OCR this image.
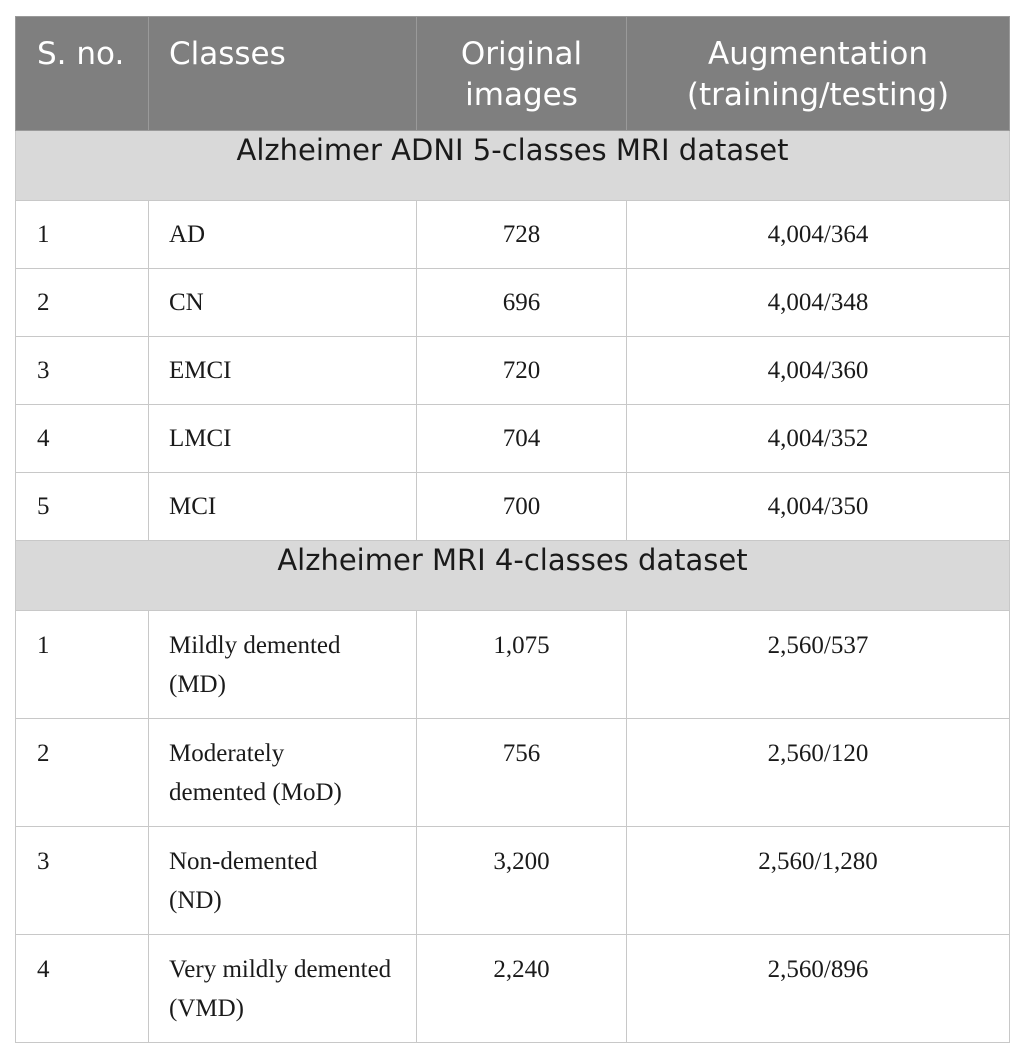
S. no.	Classes	Original images	Augmentation (training/testing)

Alzheimer ADNI 5-classes MRI dataset			

1	AD	728	4,004/364

2	CN	696	4,004/348

3	EMCI	720	4,004/360

4	LMCI	704	4,004/352

5	MCI	700	4,004/350

Alzheimer MRI 4-classes dataset			

1	Mildly demented (MD)	1,075	2,560/537

2	Moderately demented (MoD)	756	2,560/120

3	Non-demented (ND)	3,200	2,560/1,280

4	Very mildly demented (VMD)	2,240	2,560/896
